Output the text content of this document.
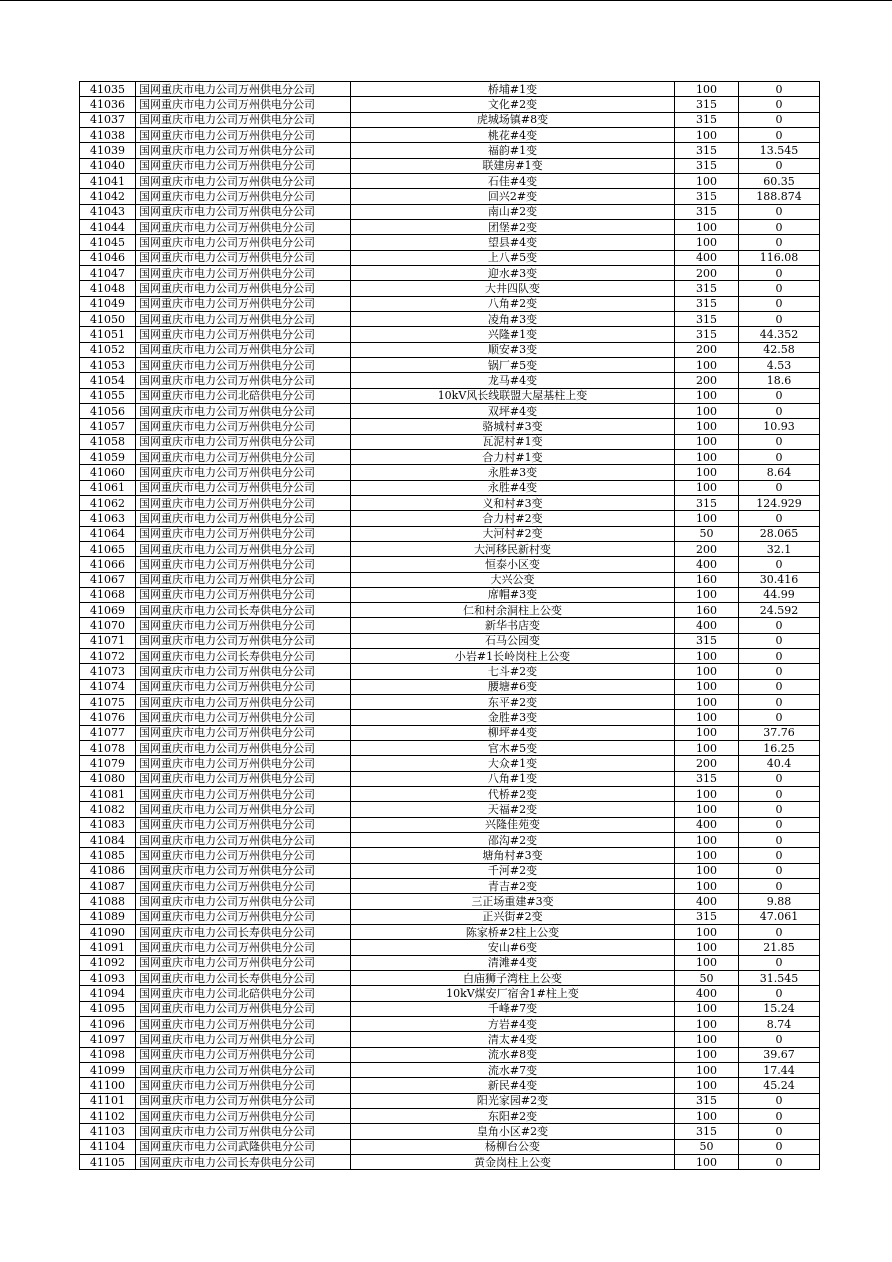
41035	国网重庆市电力公司万州供电分公司	桥埔#1变	100	0
41036	国网重庆市电力公司万州供电分公司	文化#2变	315	0
41037	国网重庆市电力公司万州供电分公司	虎城场镇#8变	315	0
41038	国网重庆市电力公司万州供电分公司	桃花#4变	100	0
41039	国网重庆市电力公司万州供电分公司	福韵#1变	315	13.545
41040	国网重庆市电力公司万州供电分公司	联建房#1变	315	0
41041	国网重庆市电力公司万州供电分公司	石佳#4变	100	60.35
41042	国网重庆市电力公司万州供电分公司	回兴2#变	315	188.874
41043	国网重庆市电力公司万州供电分公司	南山#2变	315	0
41044	国网重庆市电力公司万州供电分公司	团堡#2变	100	0
41045	国网重庆市电力公司万州供电分公司	望县#4变	100	0
41046	国网重庆市电力公司万州供电分公司	上八#5变	400	116.08
41047	国网重庆市电力公司万州供电分公司	迎水#3变	200	0
41048	国网重庆市电力公司万州供电分公司	大井四队变	315	0
41049	国网重庆市电力公司万州供电分公司	八角#2变	315	0
41050	国网重庆市电力公司万州供电分公司	凌角#3变	315	0
41051	国网重庆市电力公司万州供电分公司	兴隆#1变	315	44.352
41052	国网重庆市电力公司万州供电分公司	顺安#3变	200	42.58
41053	国网重庆市电力公司万州供电分公司	锅厂#5变	100	4.53
41054	国网重庆市电力公司万州供电分公司	龙马#4变	200	18.6
41055	国网重庆市电力公司北碚供电分公司	10kV风长线联盟大屋基柱上变	100	0
41056	国网重庆市电力公司万州供电分公司	双坪#4变	100	0
41057	国网重庆市电力公司万州供电分公司	骆城村#3变	100	10.93
41058	国网重庆市电力公司万州供电分公司	瓦泥村#1变	100	0
41059	国网重庆市电力公司万州供电分公司	合力村#1变	100	0
41060	国网重庆市电力公司万州供电分公司	永胜#3变	100	8.64
41061	国网重庆市电力公司万州供电分公司	永胜#4变	100	0
41062	国网重庆市电力公司万州供电分公司	义和村#3变	315	124.929
41063	国网重庆市电力公司万州供电分公司	合力村#2变	100	0
41064	国网重庆市电力公司万州供电分公司	大河村#2变	50	28.065
41065	国网重庆市电力公司万州供电分公司	大河移民新村变	200	32.1
41066	国网重庆市电力公司万州供电分公司	恒泰小区变	400	0
41067	国网重庆市电力公司万州供电分公司	大兴公变	160	30.416
41068	国网重庆市电力公司万州供电分公司	席帽#3变	100	44.99
41069	国网重庆市电力公司长寿供电分公司	仁和村余洞柱上公变	160	24.592
41070	国网重庆市电力公司万州供电分公司	新华书店变	400	0
41071	国网重庆市电力公司万州供电分公司	石马公园变	315	0
41072	国网重庆市电力公司长寿供电分公司	小岩#1长岭岗柱上公变	100	0
41073	国网重庆市电力公司万州供电分公司	七斗#2变	100	0
41074	国网重庆市电力公司万州供电分公司	腰塘#6变	100	0
41075	国网重庆市电力公司万州供电分公司	东平#2变	100	0
41076	国网重庆市电力公司万州供电分公司	金胜#3变	100	0
41077	国网重庆市电力公司万州供电分公司	柳坪#4变	100	37.76
41078	国网重庆市电力公司万州供电分公司	官木#5变	100	16.25
41079	国网重庆市电力公司万州供电分公司	大众#1变	200	40.4
41080	国网重庆市电力公司万州供电分公司	八角#1变	315	0
41081	国网重庆市电力公司万州供电分公司	代桥#2变	100	0
41082	国网重庆市电力公司万州供电分公司	天福#2变	100	0
41083	国网重庆市电力公司万州供电分公司	兴隆佳苑变	400	0
41084	国网重庆市电力公司万州供电分公司	邵沟#2变	100	0
41085	国网重庆市电力公司万州供电分公司	塘角村#3变	100	0
41086	国网重庆市电力公司万州供电分公司	千河#2变	100	0
41087	国网重庆市电力公司万州供电分公司	青吉#2变	100	0
41088	国网重庆市电力公司万州供电分公司	三正场重建#3变	400	9.88
41089	国网重庆市电力公司万州供电分公司	正兴街#2变	315	47.061
41090	国网重庆市电力公司长寿供电分公司	陈家桥#2柱上公变	100	0
41091	国网重庆市电力公司万州供电分公司	安山#6变	100	21.85
41092	国网重庆市电力公司万州供电分公司	清滩#4变	100	0
41093	国网重庆市电力公司长寿供电分公司	白庙狮子湾柱上公变	50	31.545
41094	国网重庆市电力公司北碚供电分公司	10kV煤安厂宿舍1#柱上变	400	0
41095	国网重庆市电力公司万州供电分公司	千峰#7变	100	15.24
41096	国网重庆市电力公司万州供电分公司	方岩#4变	100	8.74
41097	国网重庆市电力公司万州供电分公司	清太#4变	100	0
41098	国网重庆市电力公司万州供电分公司	流水#8变	100	39.67
41099	国网重庆市电力公司万州供电分公司	流水#7变	100	17.44
41100	国网重庆市电力公司万州供电分公司	新民#4变	100	45.24
41101	国网重庆市电力公司万州供电分公司	阳光家园#2变	315	0
41102	国网重庆市电力公司万州供电分公司	东阳#2变	100	0
41103	国网重庆市电力公司万州供电分公司	皇角小区#2变	315	0
41104	国网重庆市电力公司武隆供电分公司	杨柳台公变	50	0
41105	国网重庆市电力公司长寿供电分公司	黄金岗柱上公变	100	0
